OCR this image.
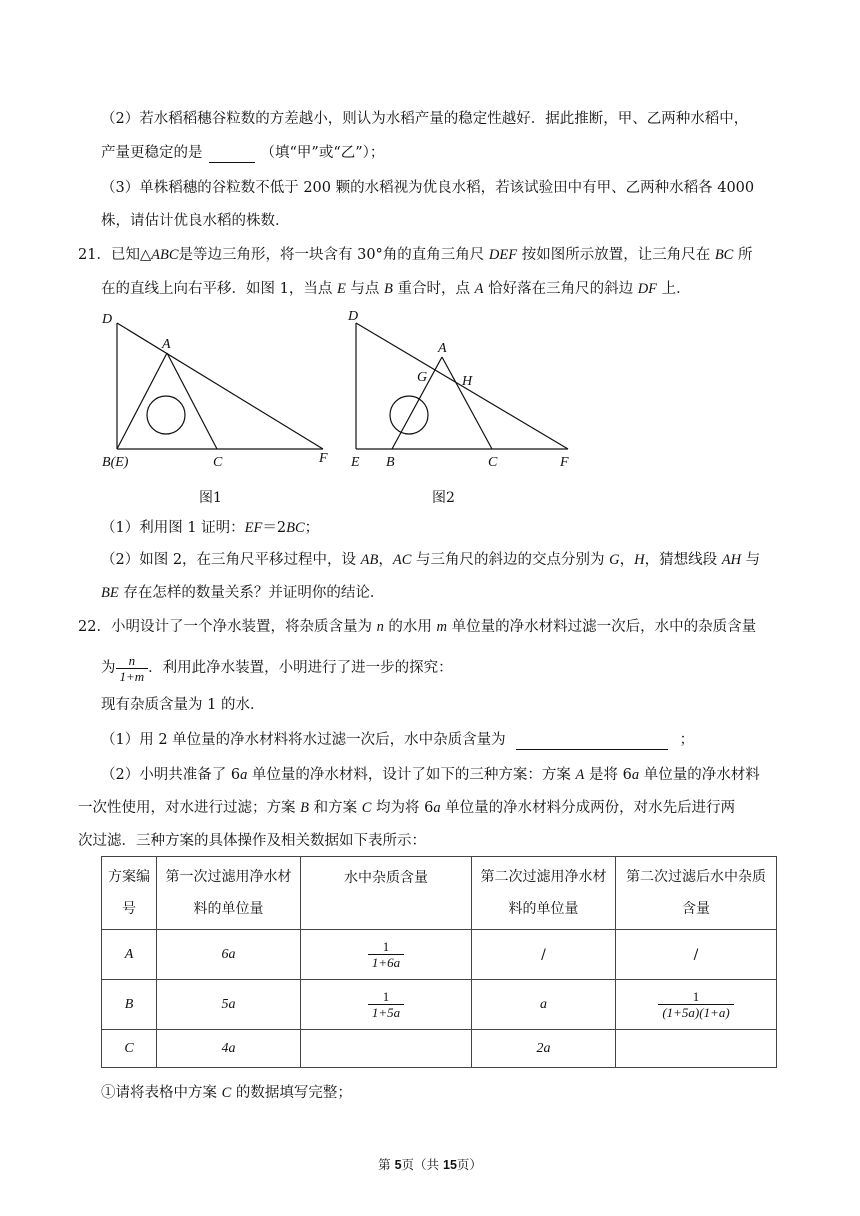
（2）若水稻稻穗谷粒数的方差越小，则认为水稻产量的稳定性越好．据此推断，甲、乙两种水稻中，
产量更稳定的是	（填“甲”或“乙”）；
（3）单株稻穗的谷粒数不低于 200 颗的水稻视为优良水稻，若该试验田中有甲、乙两种水稻各 4000
株，请估计优良水稻的株数．
21．已知△ABC是等边三角形，将一块含有 30°角的直角三角尺 DEF 按如图所示放置，让三角尺在 BC 所
在的直线上向右平移．如图 1，当点 E 与点 B 重合时，点 A 恰好落在三角尺的斜边 DF 上．
D
A
B(E)	C	F
图1
D
A
G H
E B	C	F
图2
（1）利用图 1 证明：EF＝2BC；
（2）如图 2，在三角尺平移过程中，设 AB，AC 与三角尺的斜边的交点分别为 G，H，猜想线段 AH 与
BE 存在怎样的数量关系？并证明你的结论．
22．小明设计了一个净水装置，将杂质含量为 n 的水用 m 单位量的净水材料过滤一次后，水中的杂质含量
为 $\frac{n}{1+m}$ ．利用此净水装置，小明进行了进一步的探究：
现有杂质含量为 1 的水．
（1）用 2 单位量的净水材料将水过滤一次后，水中杂质含量为	；
（2）小明共准备了 6a 单位量的净水材料，设计了如下的三种方案：方案 A 是将 6a 单位量的净水材料
一次性使用，对水进行过滤；方案 B 和方案 C 均为将 6a 单位量的净水材料分成两份，对水先后进行两
次过滤．三种方案的具体操作及相关数据如下表所示：
方案编
号	第一次过滤用净水材
料的单位量	水中杂质含量	第二次过滤用净水材
料的单位量	第二次过滤后水中杂质
含量
A	6a	$\frac{1}{1+6a}$	/	/
B	5a	$\frac{1}{1+5a}$	a	$\frac{1}{(1+5a)(1+a)}$

C	4a		2a	
①请将表格中方案 C 的数据填写完整；
第 5页（共 15页）
